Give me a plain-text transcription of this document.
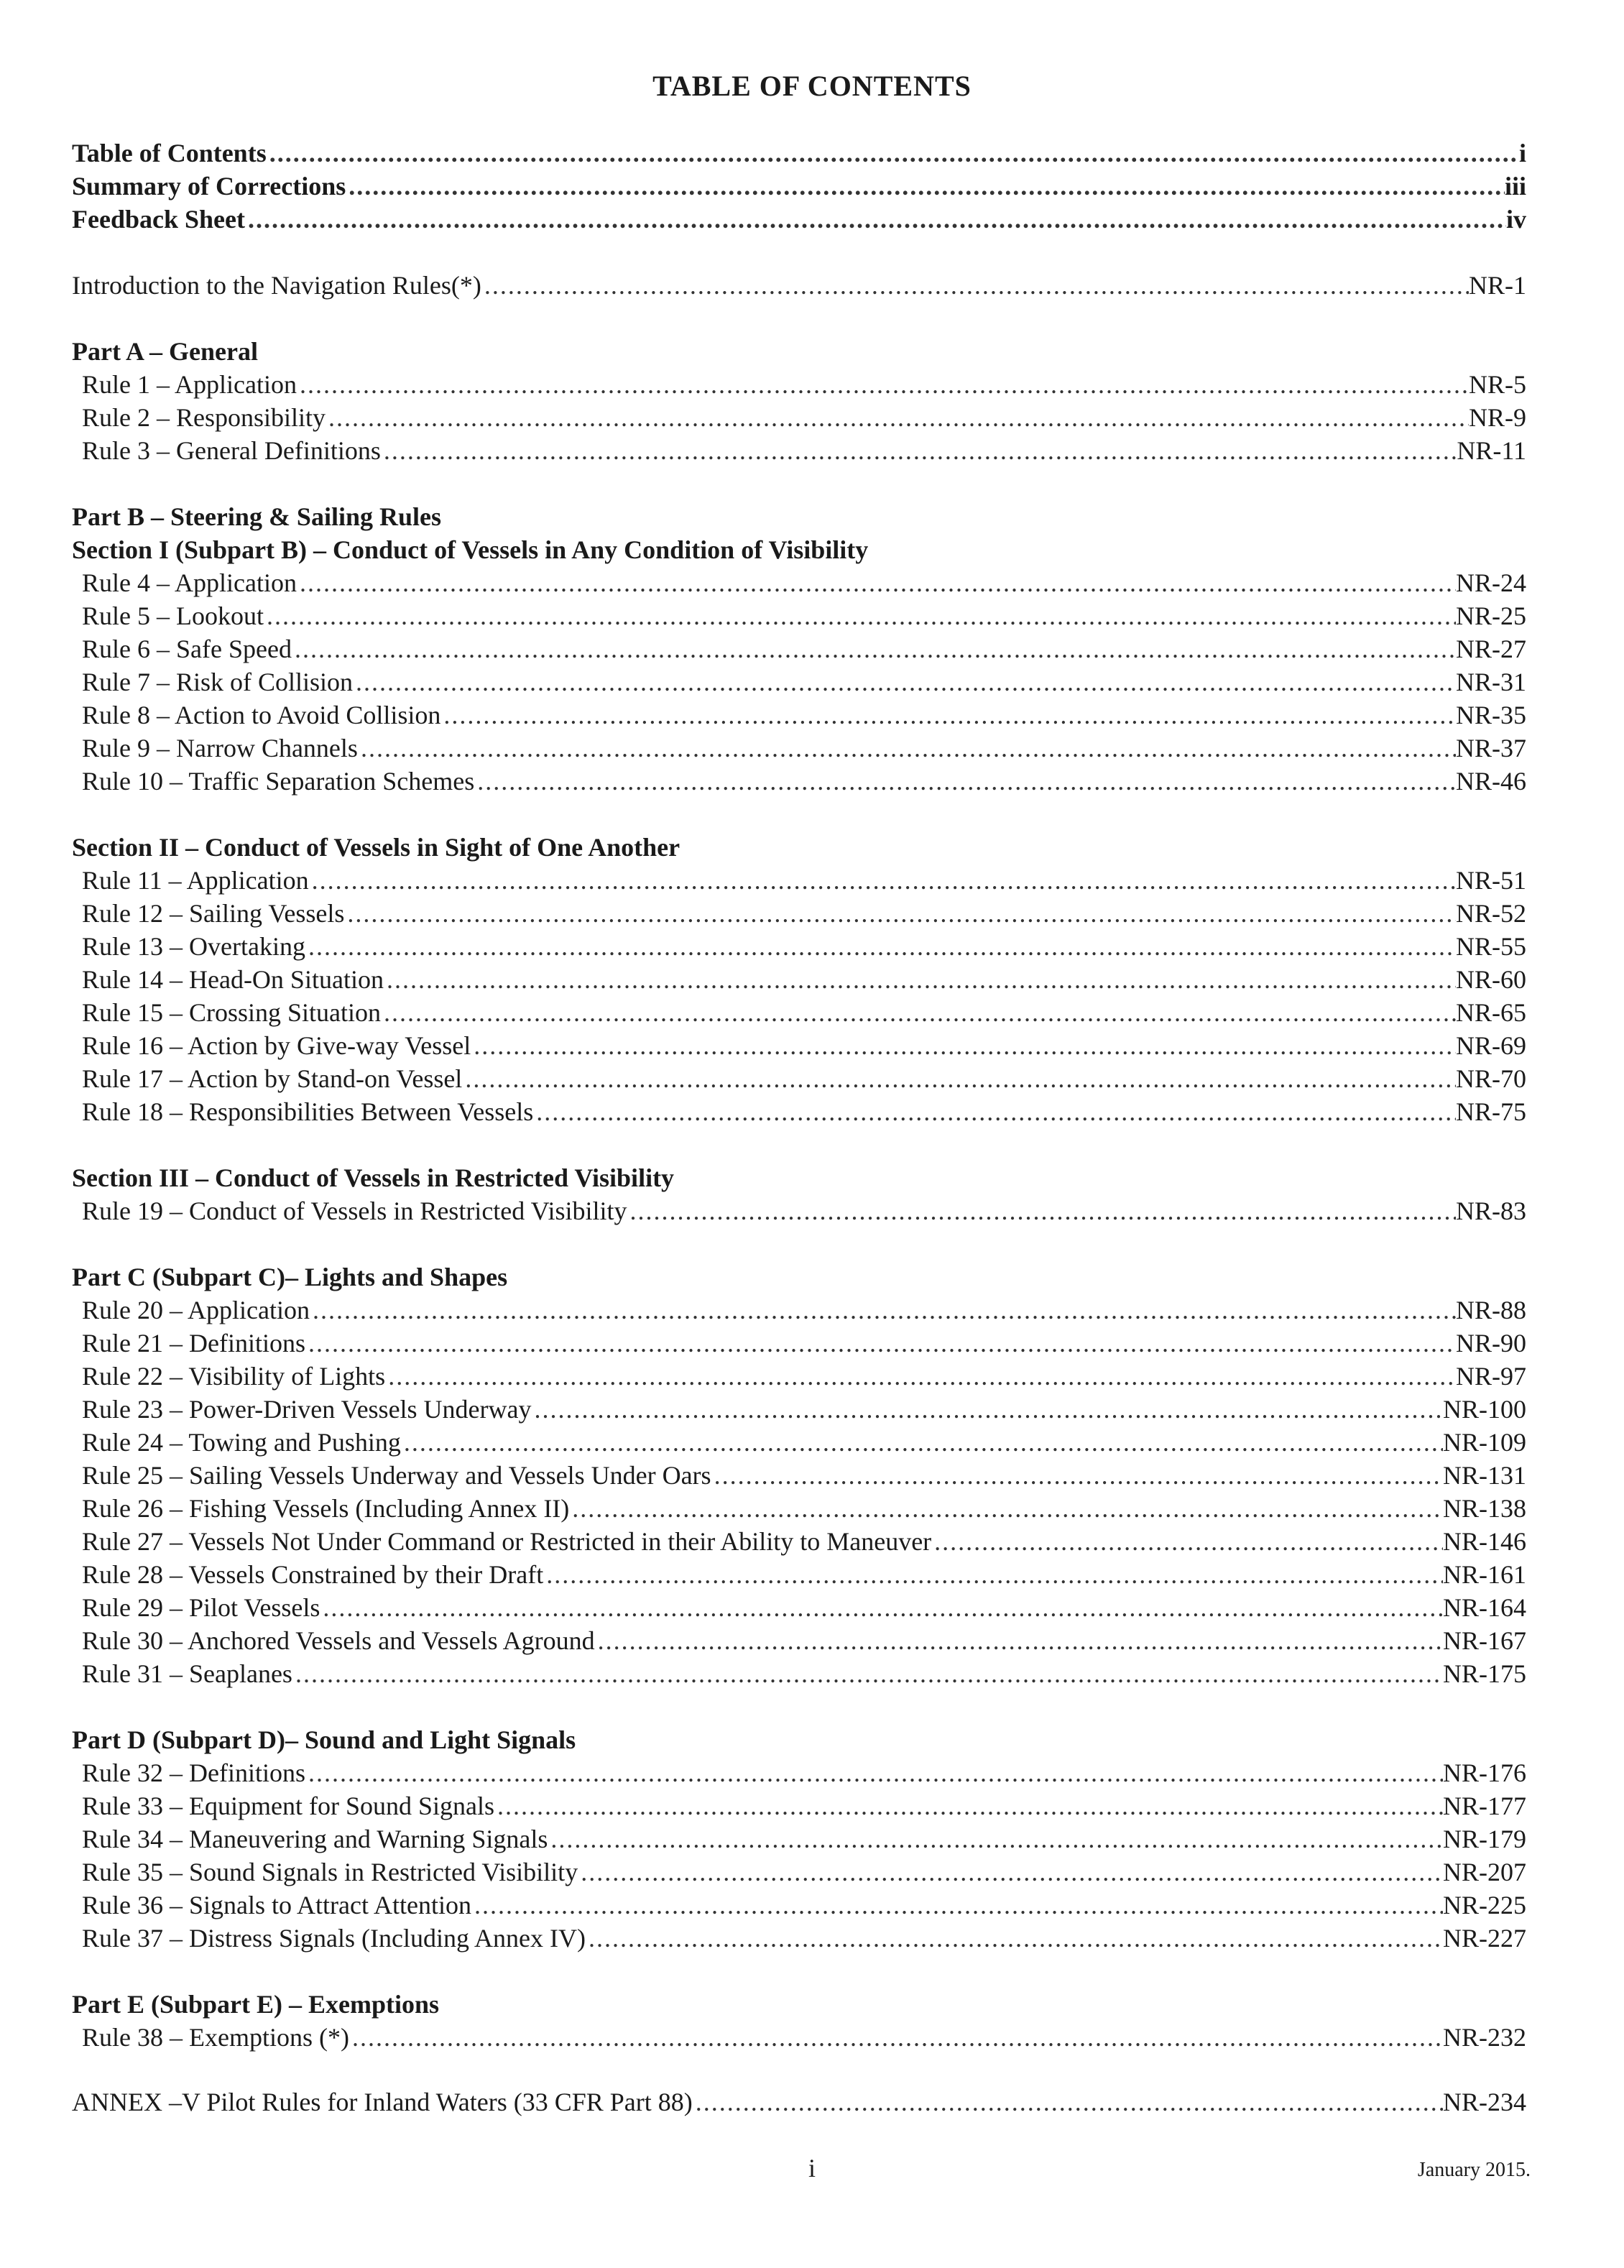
TABLE OF CONTENTS
Table of Contents .....	i
Summary of Corrections .....	iii
Feedback Sheet .....	iv
Introduction to the Navigation Rules(*) .....	NR-1
Part A – General
Rule 1 – Application .....	NR-5
Rule 2 – Responsibility .....	NR-9
Rule 3 – General Definitions .....	NR-11
Part B – Steering & Sailing Rules
Section I (Subpart B) – Conduct of Vessels in Any Condition of Visibility
Rule 4 – Application .....	NR-24
Rule 5 – Lookout .....	NR-25
Rule 6 – Safe Speed .....	NR-27
Rule 7 – Risk of Collision .....	NR-31
Rule 8 – Action to Avoid Collision .....	NR-35
Rule 9 – Narrow Channels .....	NR-37
Rule 10 – Traffic Separation Schemes .....	NR-46
Section II – Conduct of Vessels in Sight of One Another
Rule 11 – Application .....	NR-51
Rule 12 – Sailing Vessels .....	NR-52
Rule 13 – Overtaking .....	NR-55
Rule 14 – Head-On Situation .....	NR-60
Rule 15 – Crossing Situation .....	NR-65
Rule 16 – Action by Give-way Vessel .....	NR-69
Rule 17 – Action by Stand-on Vessel .....	NR-70
Rule 18 – Responsibilities Between Vessels .....	NR-75
Section III – Conduct of Vessels in Restricted Visibility
Rule 19 – Conduct of Vessels in Restricted Visibility .....	NR-83
Part C (Subpart C)– Lights and Shapes
Rule 20 – Application .....	NR-88
Rule 21 – Definitions .....	NR-90
Rule 22 – Visibility of Lights .....	NR-97
Rule 23 – Power-Driven Vessels Underway .....	NR-100
Rule 24 – Towing and Pushing .....	NR-109
Rule 25 – Sailing Vessels Underway and Vessels Under Oars .....	NR-131
Rule 26 – Fishing Vessels (Including Annex II) .....	NR-138
Rule 27 – Vessels Not Under Command or Restricted in their Ability to Maneuver .....	NR-146
Rule 28 – Vessels Constrained by their Draft .....	NR-161
Rule 29 – Pilot Vessels .....	NR-164
Rule 30 – Anchored Vessels and Vessels Aground .....	NR-167
Rule 31 – Seaplanes .....	NR-175
Part D (Subpart D)– Sound and Light Signals
Rule 32 – Definitions .....	NR-176
Rule 33 – Equipment for Sound Signals .....	NR-177
Rule 34 – Maneuvering and Warning Signals .....	NR-179
Rule 35 – Sound Signals in Restricted Visibility .....	NR-207
Rule 36 – Signals to Attract Attention .....	NR-225
Rule 37 – Distress Signals (Including Annex IV) .....	NR-227
Part E (Subpart E) – Exemptions
Rule 38 – Exemptions (*) .....	NR-232
ANNEX –V Pilot Rules for Inland Waters (33 CFR Part 88) .....	NR-234
i	January 2015.
